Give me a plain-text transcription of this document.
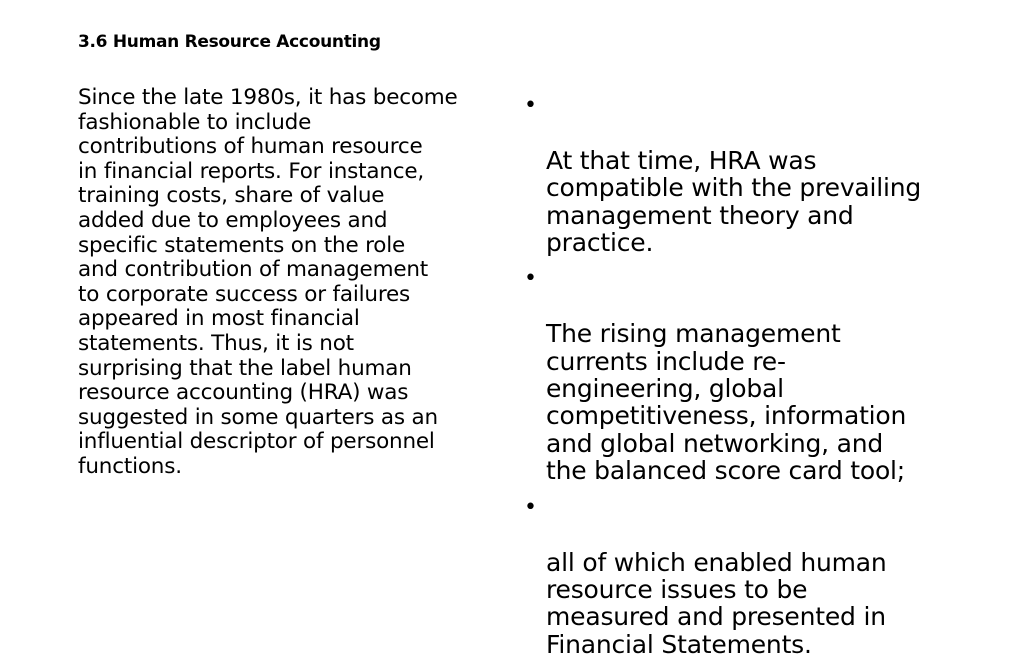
3.6 Human Resource Accounting
Since the late 1980s, it has become
fashionable to include
contributions of human resource
in financial reports. For instance,
training costs, share of value
added due to employees and
specific statements on the role
and contribution of management
to corporate success or failures
appeared in most financial
statements. Thus, it is not
surprising that the label human
resource accounting (HRA) was
suggested in some quarters as an
influential descriptor of personnel
functions.

•

At that time, HRA was
compatible with the prevailing
management theory and
practice.

•

The rising management
currents include re-
engineering, global
competitiveness, information
and global networking, and
the balanced score card tool;

•

all of which enabled human
resource issues to be
measured and presented in
Financial Statements.
